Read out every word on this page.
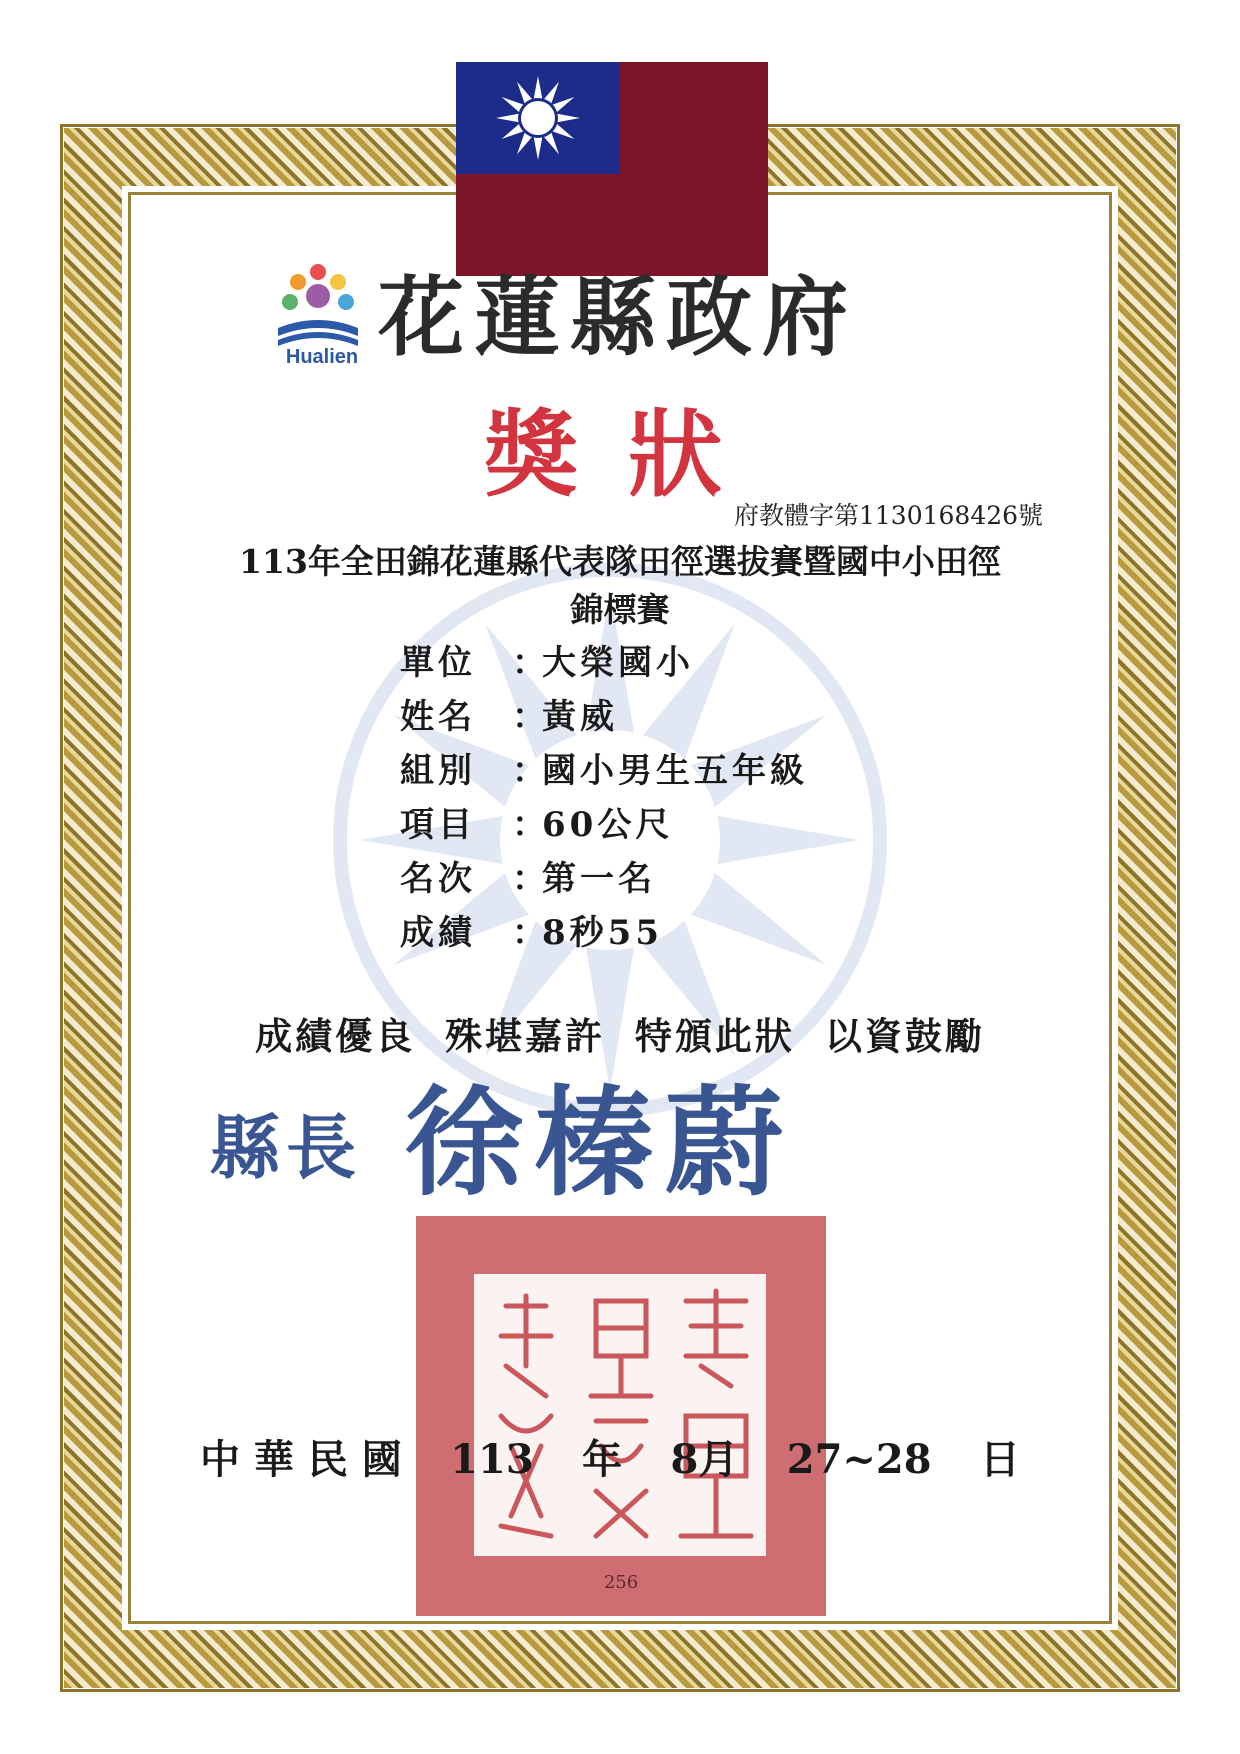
Hualien 花蓮縣政府
獎狀
府教體字第1130168426號
113年全田錦花蓮縣代表隊田徑選拔賽暨國中小田徑
錦標賽
單位	：
大榮國小
姓名	：
黃威
組別	：
國小男生五年級
項目	：
60公尺
名次	：
第一名
成績	：
8秒55
成績優良 殊堪嘉許 特頒此狀 以資鼓勵
縣長 徐榛蔚
256
中 華 民 國 113 年 8月 27~28 日
